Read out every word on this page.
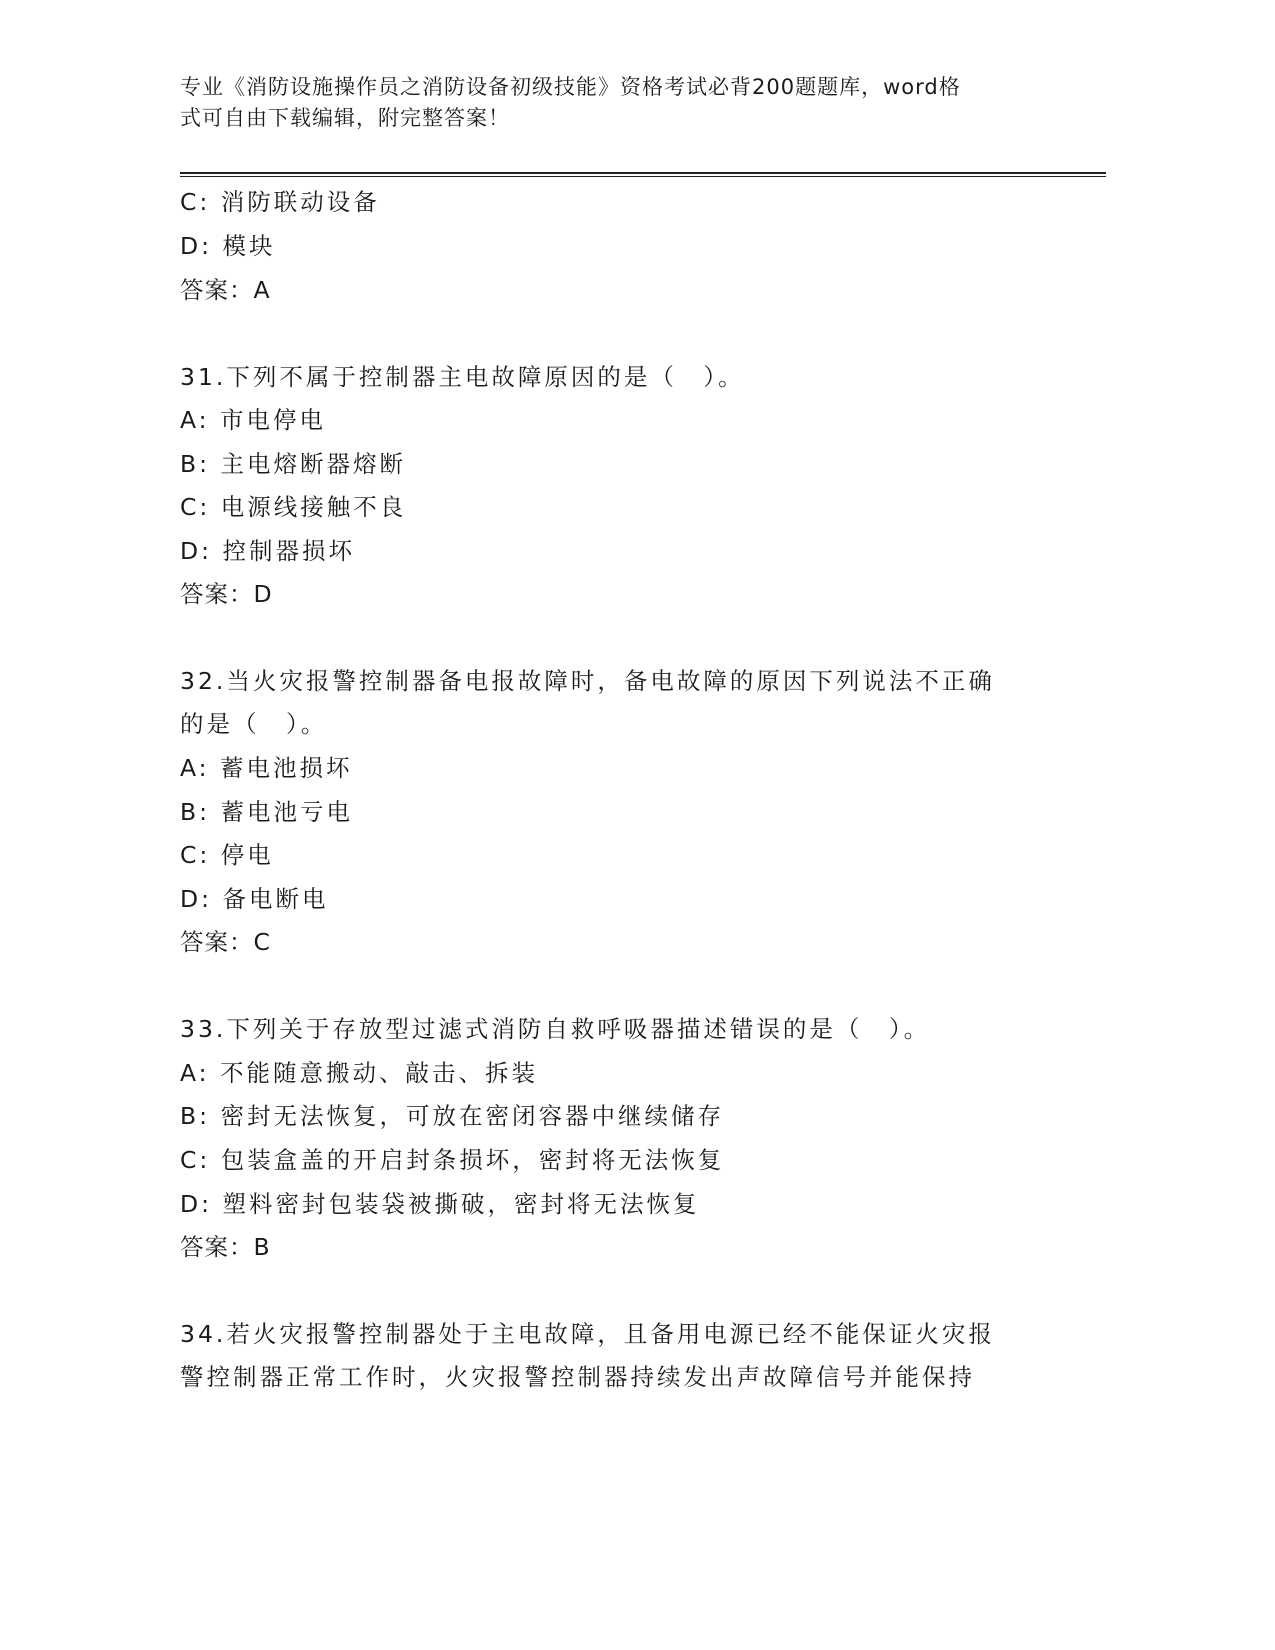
专业《消防设施操作员之消防设备初级技能》资格考试必背200题题库，word格
式可自由下载编辑，附完整答案！
C: 消防联动设备
D: 模块
答案：A
31.下列不属于控制器主电故障原因的是（　）。
A: 市电停电
B: 主电熔断器熔断
C: 电源线接触不良
D: 控制器损坏
答案：D
32.当火灾报警控制器备电报故障时，备电故障的原因下列说法不正确
的是（　）。
A: 蓄电池损坏
B: 蓄电池亏电
C: 停电
D: 备电断电
答案：C
33.下列关于存放型过滤式消防自救呼吸器描述错误的是（　）。
A: 不能随意搬动、敲击、拆装
B: 密封无法恢复，可放在密闭容器中继续储存
C: 包装盒盖的开启封条损坏，密封将无法恢复
D: 塑料密封包装袋被撕破，密封将无法恢复
答案：B
34.若火灾报警控制器处于主电故障，且备用电源已经不能保证火灾报
警控制器正常工作时，火灾报警控制器持续发出声故障信号并能保持
